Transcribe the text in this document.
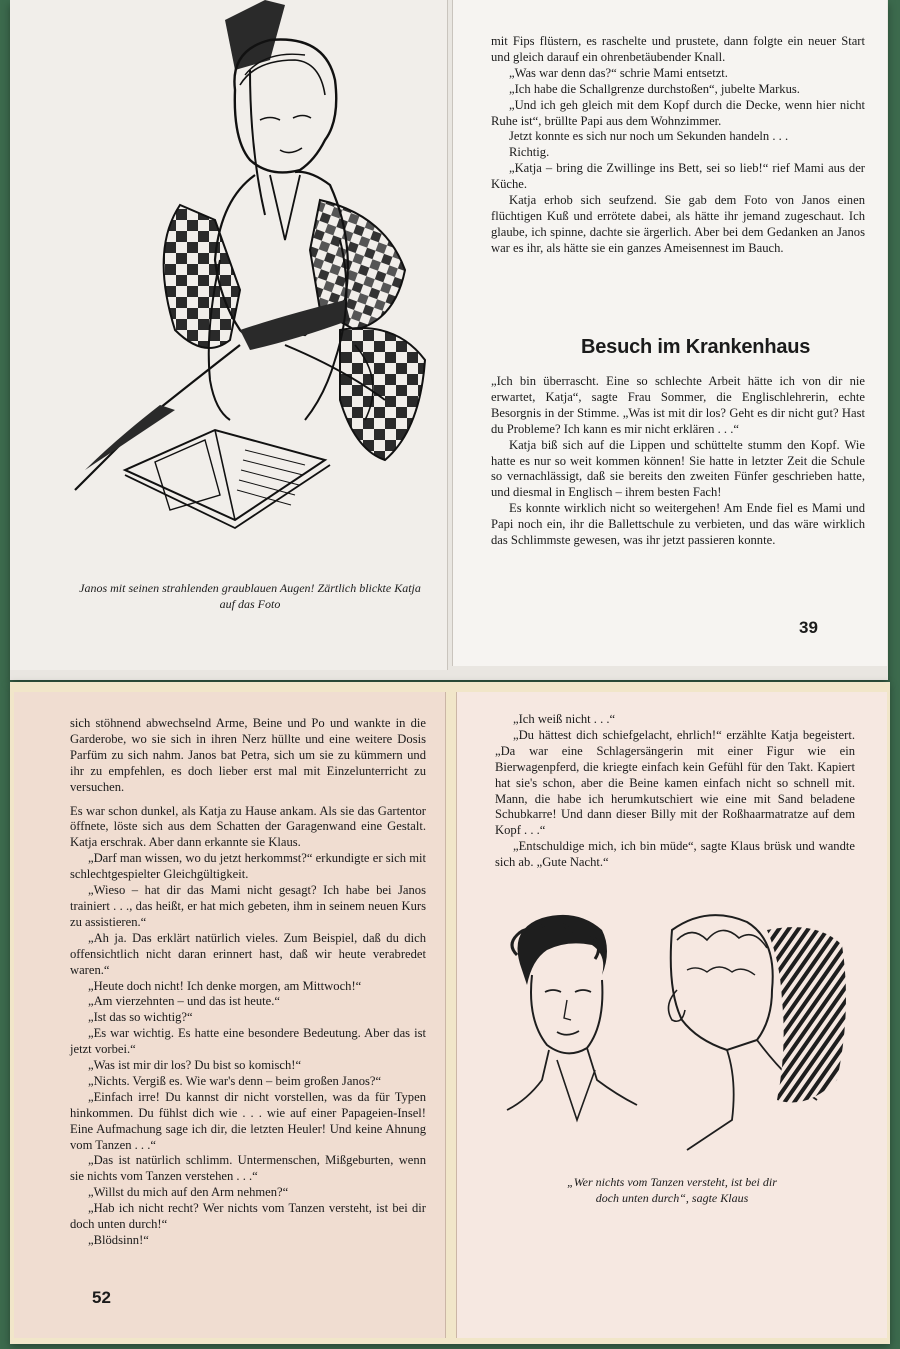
Janos mit seinen strahlenden graublauen Augen! Zärtlich blickte Katja auf das Foto

mit Fips flüstern, es raschelte und prustete, dann folgte ein neuer Start und gleich darauf ein ohrenbetäubender Knall.

„Was war denn das?“ schrie Mami entsetzt.

„Ich habe die Schallgrenze durchstoßen“, jubelte Markus.

„Und ich geh gleich mit dem Kopf durch die Decke, wenn hier nicht Ruhe ist“, brüllte Papi aus dem Wohnzimmer.

Jetzt konnte es sich nur noch um Sekunden handeln . . .

Richtig.

„Katja – bring die Zwillinge ins Bett, sei so lieb!“ rief Mami aus der Küche.

Katja erhob sich seufzend. Sie gab dem Foto von Janos einen flüchtigen Kuß und errötete dabei, als hätte ihr jemand zugeschaut. Ich glaube, ich spinne, dachte sie ärgerlich. Aber bei dem Gedanken an Janos war es ihr, als hätte sie ein ganzes Ameisennest im Bauch.

Besuch im Krankenhaus

„Ich bin überrascht. Eine so schlechte Arbeit hätte ich von dir nie erwartet, Katja“, sagte Frau Sommer, die Englischlehrerin, echte Besorgnis in der Stimme. „Was ist mit dir los? Geht es dir nicht gut? Hast du Probleme? Ich kann es mir nicht erklären . . .“

Katja biß sich auf die Lippen und schüttelte stumm den Kopf. Wie hatte es nur so weit kommen können! Sie hatte in letzter Zeit die Schule so vernachlässigt, daß sie bereits den zweiten Fünfer geschrieben hatte, und diesmal in Englisch – ihrem besten Fach!

Es konnte wirklich nicht so weitergehen! Am Ende fiel es Mami und Papi noch ein, ihr die Ballettschule zu verbieten, und das wäre wirklich das Schlimmste gewesen, was ihr jetzt passieren konnte.

39

sich stöhnend abwechselnd Arme, Beine und Po und wankte in die Garderobe, wo sie sich in ihren Nerz hüllte und eine weitere Dosis Parfüm zu sich nahm. Janos bat Petra, sich um sie zu kümmern und ihr zu empfehlen, es doch lieber erst mal mit Einzelunterricht zu versuchen.

Es war schon dunkel, als Katja zu Hause ankam. Als sie das Gartentor öffnete, löste sich aus dem Schatten der Garagenwand eine Gestalt. Katja erschrak. Aber dann erkannte sie Klaus.

„Darf man wissen, wo du jetzt herkommst?“ erkundigte er sich mit schlechtgespielter Gleichgültigkeit.

„Wieso – hat dir das Mami nicht gesagt? Ich habe bei Janos trainiert . . ., das heißt, er hat mich gebeten, ihm in seinem neuen Kurs zu assistieren.“

„Ah ja. Das erklärt natürlich vieles. Zum Beispiel, daß du dich offensichtlich nicht daran erinnert hast, daß wir heute verabredet waren.“

„Heute doch nicht! Ich denke morgen, am Mittwoch!“

„Am vierzehnten – und das ist heute.“

„Ist das so wichtig?“

„Es war wichtig. Es hatte eine besondere Bedeutung. Aber das ist jetzt vorbei.“

„Was ist mir dir los? Du bist so komisch!“

„Nichts. Vergiß es. Wie war's denn – beim großen Janos?“

„Einfach irre! Du kannst dir nicht vorstellen, was da für Typen hinkommen. Du fühlst dich wie . . . wie auf einer Papageien-Insel! Eine Aufmachung sage ich dir, die letzten Heuler! Und keine Ahnung vom Tanzen . . .“

„Das ist natürlich schlimm. Untermenschen, Mißgeburten, wenn sie nichts vom Tanzen verstehen . . .“

„Willst du mich auf den Arm nehmen?“

„Hab ich nicht recht? Wer nichts vom Tanzen versteht, ist bei dir doch unten durch!“

„Blödsinn!“

52

„Ich weiß nicht . . .“

„Du hättest dich schiefgelacht, ehrlich!“ erzählte Katja begeistert. „Da war eine Schlagersängerin mit einer Figur wie ein Bierwagenpferd, die kriegte einfach kein Gefühl für den Takt. Kapiert hat sie's schon, aber die Beine kamen einfach nicht so schnell mit. Mann, die habe ich herumkutschiert wie eine mit Sand beladene Schubkarre! Und dann dieser Billy mit der Roßhaarmatratze auf dem Kopf . . .“

„Entschuldige mich, ich bin müde“, sagte Klaus brüsk und wandte sich ab. „Gute Nacht.“

„Wer nichts vom Tanzen versteht, ist bei dir doch unten durch“, sagte Klaus
